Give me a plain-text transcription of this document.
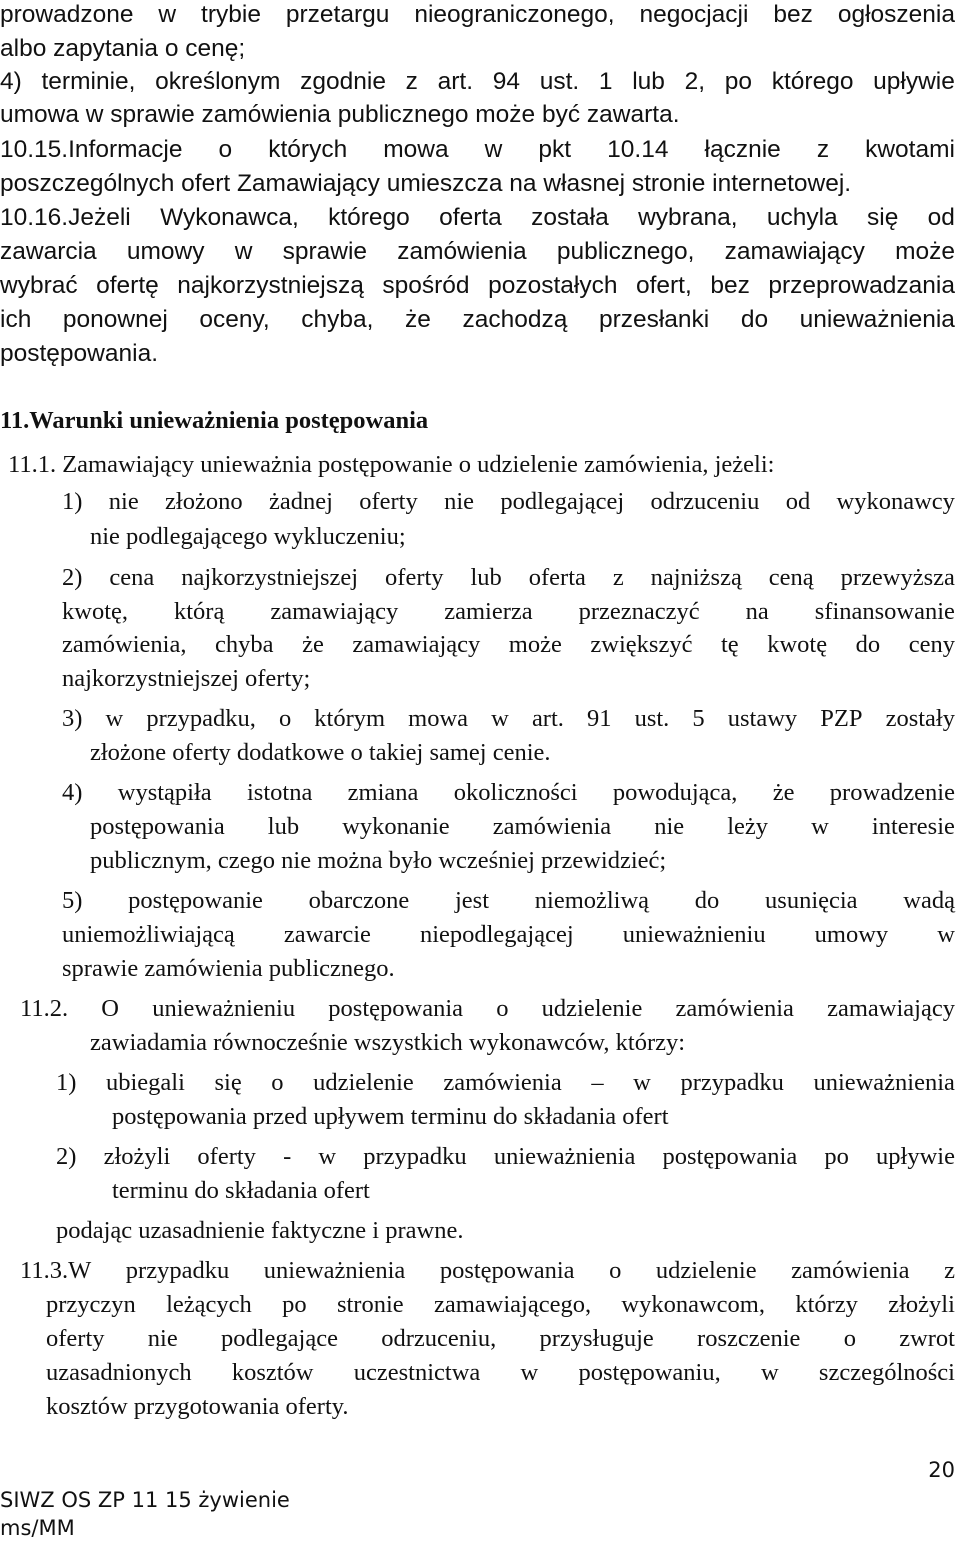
prowadzone w trybie przetargu nieograniczonego, negocjacji bez ogłoszenia
albo zapytania o cenę;
4) terminie, określonym zgodnie z art. 94 ust. 1 lub 2, po którego upływie
umowa w sprawie zamówienia publicznego może być zawarta.
10.15.Informacje o których mowa w pkt 10.14 łącznie z kwotami
poszczególnych ofert Zamawiający umieszcza na własnej stronie internetowej.
10.16.Jeżeli Wykonawca, którego oferta została wybrana, uchyla się od
zawarcia umowy w sprawie zamówienia publicznego, zamawiający może
wybrać ofertę najkorzystniejszą spośród pozostałych ofert, bez przeprowadzania
ich ponownej oceny, chyba, że zachodzą przesłanki do unieważnienia
postępowania.
11.Warunki unieważnienia postępowania
11.1. Zamawiający unieważnia postępowanie o udzielenie zamówienia, jeżeli:
1) nie złożono żadnej oferty nie podlegającej odrzuceniu od wykonawcy
nie podlegającego wykluczeniu;
2) cena najkorzystniejszej oferty lub oferta z najniższą ceną przewyższa
kwotę, którą zamawiający zamierza przeznaczyć na sfinansowanie
zamówienia, chyba że zamawiający może zwiększyć tę kwotę do ceny
najkorzystniejszej oferty;
3) w przypadku, o którym mowa w art. 91 ust. 5 ustawy PZP zostały
złożone oferty dodatkowe o takiej samej cenie.
4) wystąpiła istotna zmiana okoliczności powodująca, że prowadzenie
postępowania lub wykonanie zamówienia nie leży w interesie
publicznym, czego nie można było wcześniej przewidzieć;
5) postępowanie obarczone jest niemożliwą do usunięcia wadą
uniemożliwiającą zawarcie niepodlegającej unieważnieniu umowy w
sprawie zamówienia publicznego.
11.2. O unieważnieniu postępowania o udzielenie zamówienia zamawiający
zawiadamia równocześnie wszystkich wykonawców, którzy:
1) ubiegali się o udzielenie zamówienia – w przypadku unieważnienia
postępowania przed upływem terminu do składania ofert
2) złożyli oferty - w przypadku unieważnienia postępowania po upływie
terminu do składania ofert
podając uzasadnienie faktyczne i prawne.
11.3.W przypadku unieważnienia postępowania o udzielenie zamówienia z
przyczyn leżących po stronie zamawiającego, wykonawcom, którzy złożyli
oferty nie podlegające odrzuceniu, przysługuje roszczenie o zwrot
uzasadnionych kosztów uczestnictwa w postępowaniu, w szczególności
kosztów przygotowania oferty.
20
SIWZ OS ZP 11 15 żywienie
ms/MM
